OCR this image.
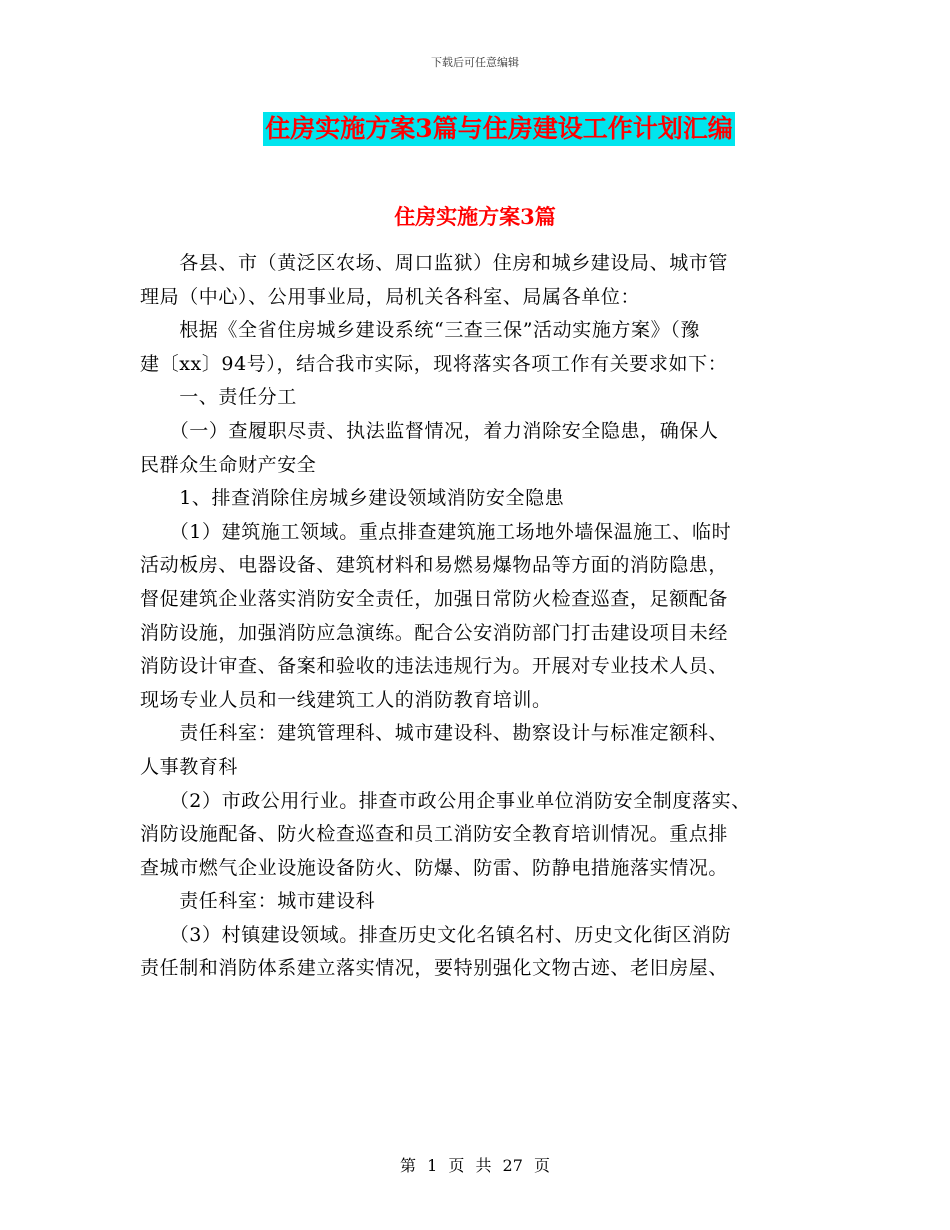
下载后可任意编辑
住房实施方案3篇与住房建设工作计划汇编
住房实施方案3篇

　　各县、市（黄泛区农场、周口监狱）住房和城乡建设局、城市管

理局（中心）、公用事业局，局机关各科室、局属各单位：

　　根据《全省住房城乡建设系统“三查三保”活动实施方案》（豫

建〔xx〕94号），结合我市实际，现将落实各项工作有关要求如下：

　　一、责任分工

　　（一）查履职尽责、执法监督情况，着力消除安全隐患，确保人

民群众生命财产安全

　　1、排查消除住房城乡建设领域消防安全隐患

　　（1）建筑施工领域。重点排查建筑施工场地外墙保温施工、临时

活动板房、电器设备、建筑材料和易燃易爆物品等方面的消防隐患，

督促建筑企业落实消防安全责任，加强日常防火检查巡查，足额配备

消防设施，加强消防应急演练。配合公安消防部门打击建设项目未经

消防设计审查、备案和验收的违法违规行为。开展对专业技术人员、

现场专业人员和一线建筑工人的消防教育培训。

　　责任科室：建筑管理科、城市建设科、勘察设计与标准定额科、

人事教育科

　　（2）市政公用行业。排查市政公用企事业单位消防安全制度落实、

消防设施配备、防火检查巡查和员工消防安全教育培训情况。重点排

查城市燃气企业设施设备防火、防爆、防雷、防静电措施落实情况。

　　责任科室：城市建设科

　　（3）村镇建设领域。排查历史文化名镇名村、历史文化街区消防

责任制和消防体系建立落实情况，要特别强化文物古迹、老旧房屋、

第 1 页 共 27 页
